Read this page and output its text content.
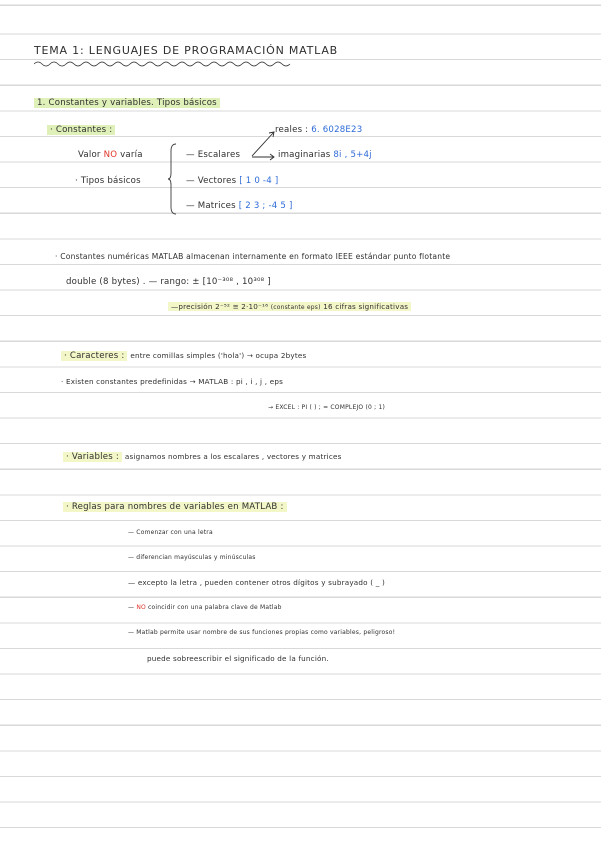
TEMA 1: LENGUAJES DE PROGRAMACIÓN MATLAB
1. Constantes y variables. Tipos básicos
· Constantes :
Valor NO varía
· Tipos básicos
— Escalares
reales : 6. 6028E23
imaginarias 8i , 5+4j
— Vectores [ 1 0 -4 ]
— Matrices [ 2 3 ; -4 5 ]
· Constantes numéricas MATLAB almacenan internamente en formato IEEE estándar punto flotante
double (8 bytes) . — rango: ± [10⁻³⁰⁸ , 10³⁰⁸ ]
—precisión 2⁻⁵² ≅ 2·10⁻¹⁶ (constante eps) 16 cifras significativas
· Caracteres : entre comillas simples ('hola') → ocupa 2bytes
· Existen constantes predefinidas → MATLAB : pi , i , j , eps
→ EXCEL : PI ( ) ; = COMPLEJO (0 ; 1)
· Variables : asignamos nombres a los escalares , vectores y matrices
· Reglas para nombres de variables en MATLAB :
— Comenzar con una letra
— diferencian mayúsculas y minúsculas
— excepto la letra , pueden contener otros dígitos y subrayado ( _ )
— NO coincidir con una palabra clave de Matlab
— Matlab permite usar nombre de sus funciones propias como variables, peligroso!
puede sobreescribir el significado de la función.
